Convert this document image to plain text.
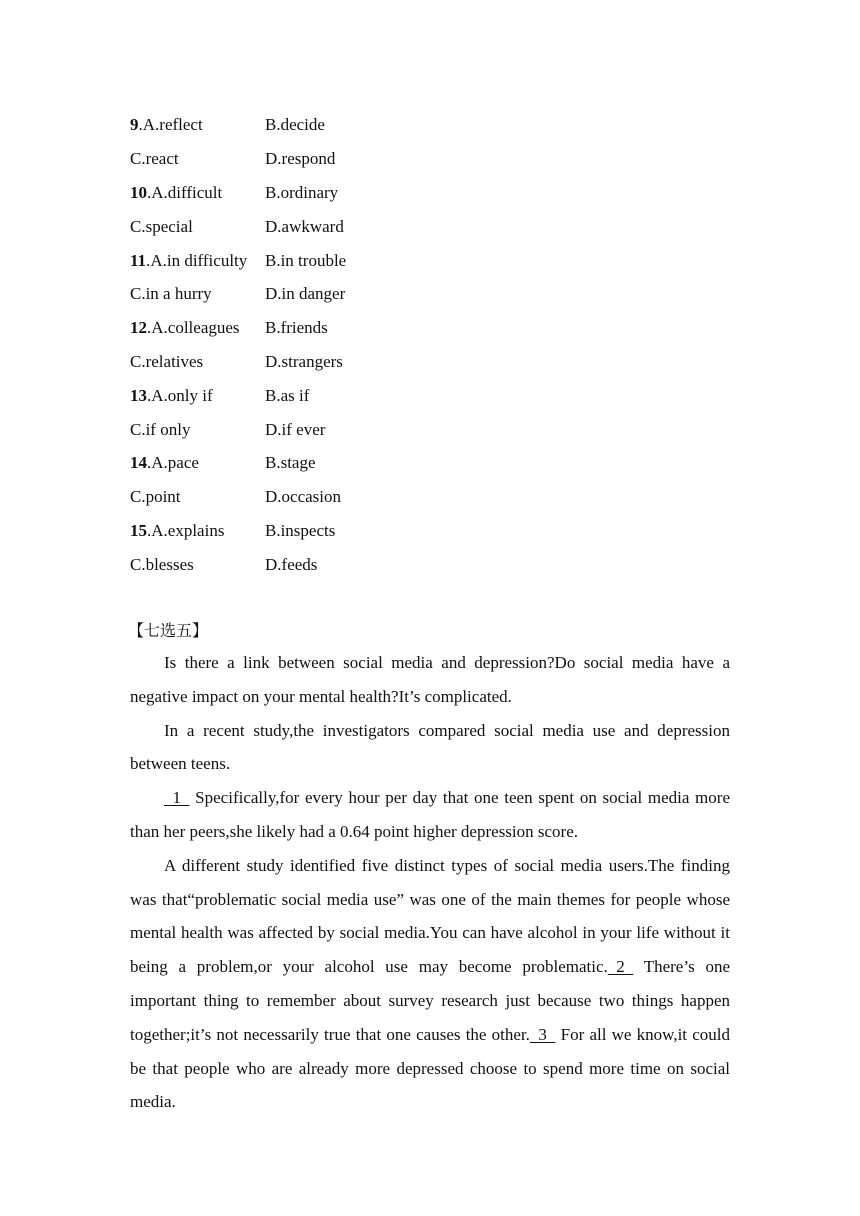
9.A.reflect	B.decide
C.react	D.respond
10.A.difficult	B.ordinary
C.special	D.awkward
11.A.in difficulty	B.in trouble
C.in a hurry	D.in danger
12.A.colleagues	B.friends
C.relatives	D.strangers
13.A.only if	B.as if
C.if only	D.if ever
14.A.pace	B.stage
C.point	D.occasion
15.A.explains	B.inspects
C.blesses	D.feeds
【七选五】

Is there a link between social media and depression?Do social media have a negative impact on your mental health?It’s complicated.

In a recent study,the investigators compared social media use and depression between teens.

1   Specifically,for every hour per day that one teen spent on social media more than her peers,she likely had a 0.64 point higher depression score.

A different study identified five distinct types of social media users.The finding was that“problematic social media use” was one of the main themes for people whose mental health was affected by social media.You can have alcohol in your life without it being a problem,or your alcohol use may become problematic.  2   There’s one important thing to remember about survey research just because two things happen together;it’s not necessarily true that one causes the other.  3   For all we know,it could be that people who are already more depressed choose to spend more time on social media.
